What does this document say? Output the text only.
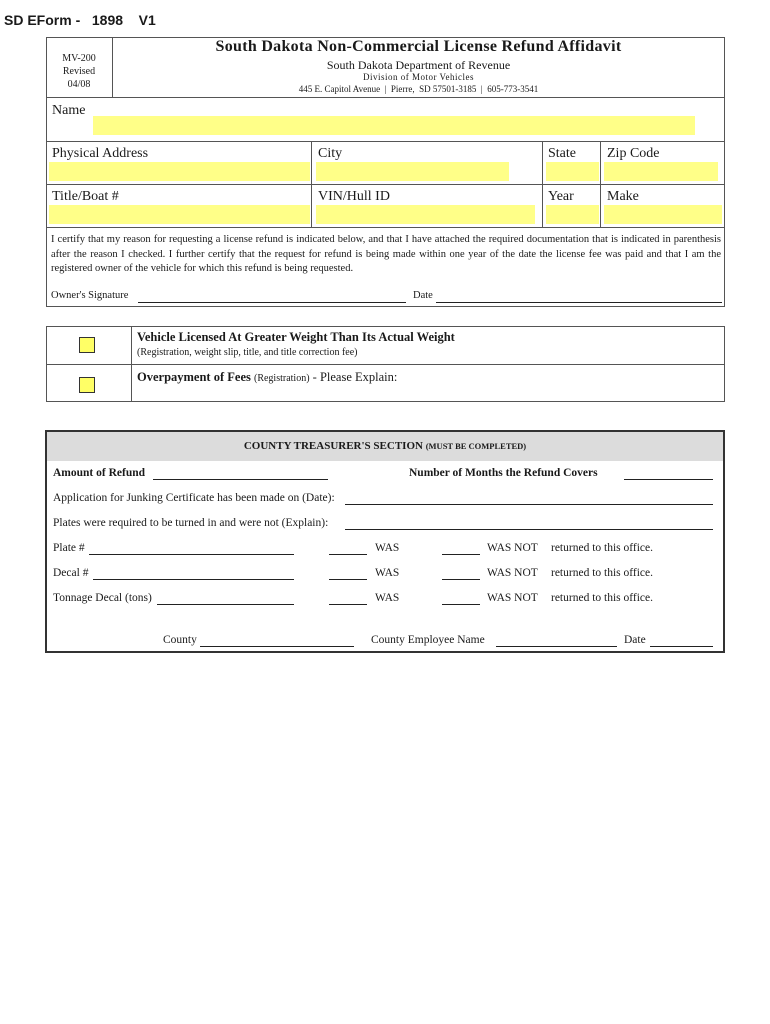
SD EForm -   1898    V1
MV-200
Revised
04/08
South Dakota Non-Commercial License Refund Affidavit
South Dakota Department of Revenue
Division of Motor Vehicles
445 E. Capitol Avenue  |  Pierre,  SD 57501-3185  |  605-773-3541
Name
Physical Address	City	State Zip Code
Title/Boat #	VIN/Hull ID	Year Make
I certify that my reason for requesting a license refund is indicated below, and that I have attached the required documentation that is indicated in parenthesis after the reason I checked. I further certify that the request for refund is being made within one year of the date the license fee was paid and that I am the registered owner of the vehicle for which this refund is being requested.
Owner's Signature	Date
Vehicle Licensed At Greater Weight Than Its Actual Weight
(Registration, weight slip, title, and title correction fee)
Overpayment of Fees (Registration) - Please Explain:
COUNTY TREASURER'S SECTION (MUST BE COMPLETED)
Amount of Refund	Number of Months the Refund Covers
Application for Junking Certificate has been made on (Date):
Plates were required to be turned in and were not (Explain):
Plate #	WAS	WAS NOT returned to this office.
Decal #	WAS	WAS NOT returned to this office.
Tonnage Decal (tons)	WAS	WAS NOT returned to this office.
County	County Employee Name	Date
